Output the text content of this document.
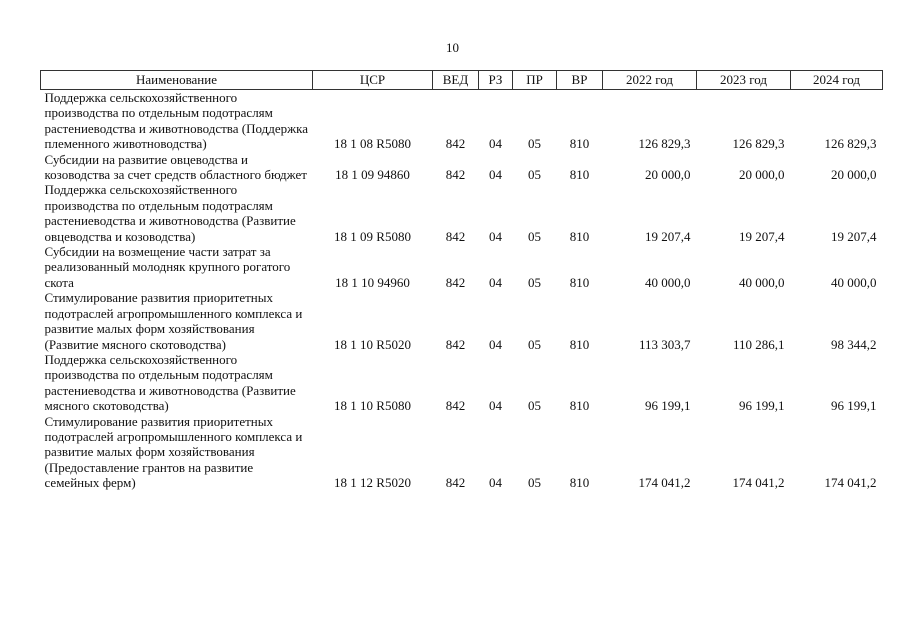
10
Наименование	ЦСР	ВЕД	РЗ	ПР	ВР	2022 год	2023 год	2024 год
Поддержка сельскохозяйственного производства по отдельным подотраслям растениеводства и животноводства (Поддержка племенного животноводства)	18 1 08 R5080	842	04	05	810	126 829,3	126 829,3	126 829,3
Субсидии на развитие овцеводства и козоводства за счет средств областного бюджет	18 1 09 94860	842	04	05	810	20 000,0	20 000,0	20 000,0
Поддержка сельскохозяйственного производства по отдельным подотраслям растениеводства и животноводства (Развитие овцеводства и козоводства)	18 1 09 R5080	842	04	05	810	19 207,4	19 207,4	19 207,4
Субсидии на возмещение части затрат за реализованный молодняк крупного рогатого скота	18 1 10 94960	842	04	05	810	40 000,0	40 000,0	40 000,0
Стимулирование развития приоритетных подотраслей агропромышленного комплекса и развитие малых форм хозяйствования (Развитие мясного скотоводства)	18 1 10 R5020	842	04	05	810	113 303,7	110 286,1	98 344,2
Поддержка сельскохозяйственного производства по отдельным подотраслям растениеводства и животноводства (Развитие мясного скотоводства)	18 1 10 R5080	842	04	05	810	96 199,1	96 199,1	96 199,1
Стимулирование развития приоритетных подотраслей агропромышленного комплекса и развитие малых форм хозяйствования (Предоставление грантов на развитие семейных ферм)	18 1 12 R5020	842	04	05	810	174 041,2	174 041,2	174 041,2
